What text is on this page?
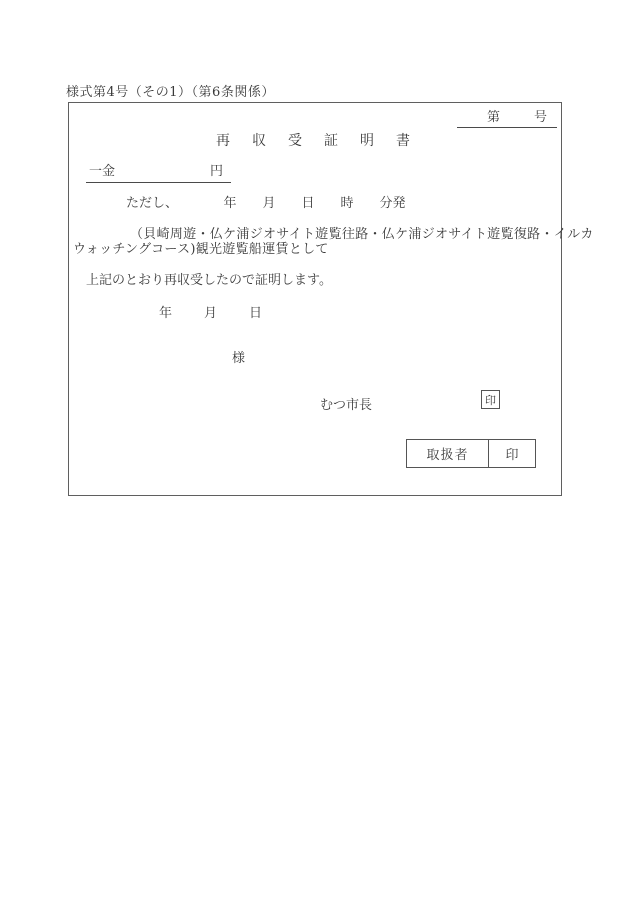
様式第4号（その1）（第6条関係）
第	号
再　収　受　証　明　書
一金	円
ただし、　　　　年　　月　　日　　時　　分発
（貝崎周遊・仏ケ浦ジオサイト遊覧往路・仏ケ浦ジオサイト遊覧復路・イルカ
ウォッチングコース)観光遊覧船運賃として
上記のとおり再収受したので証明します。
年　　月　　日
様
むつ市長	印
取扱者	印
